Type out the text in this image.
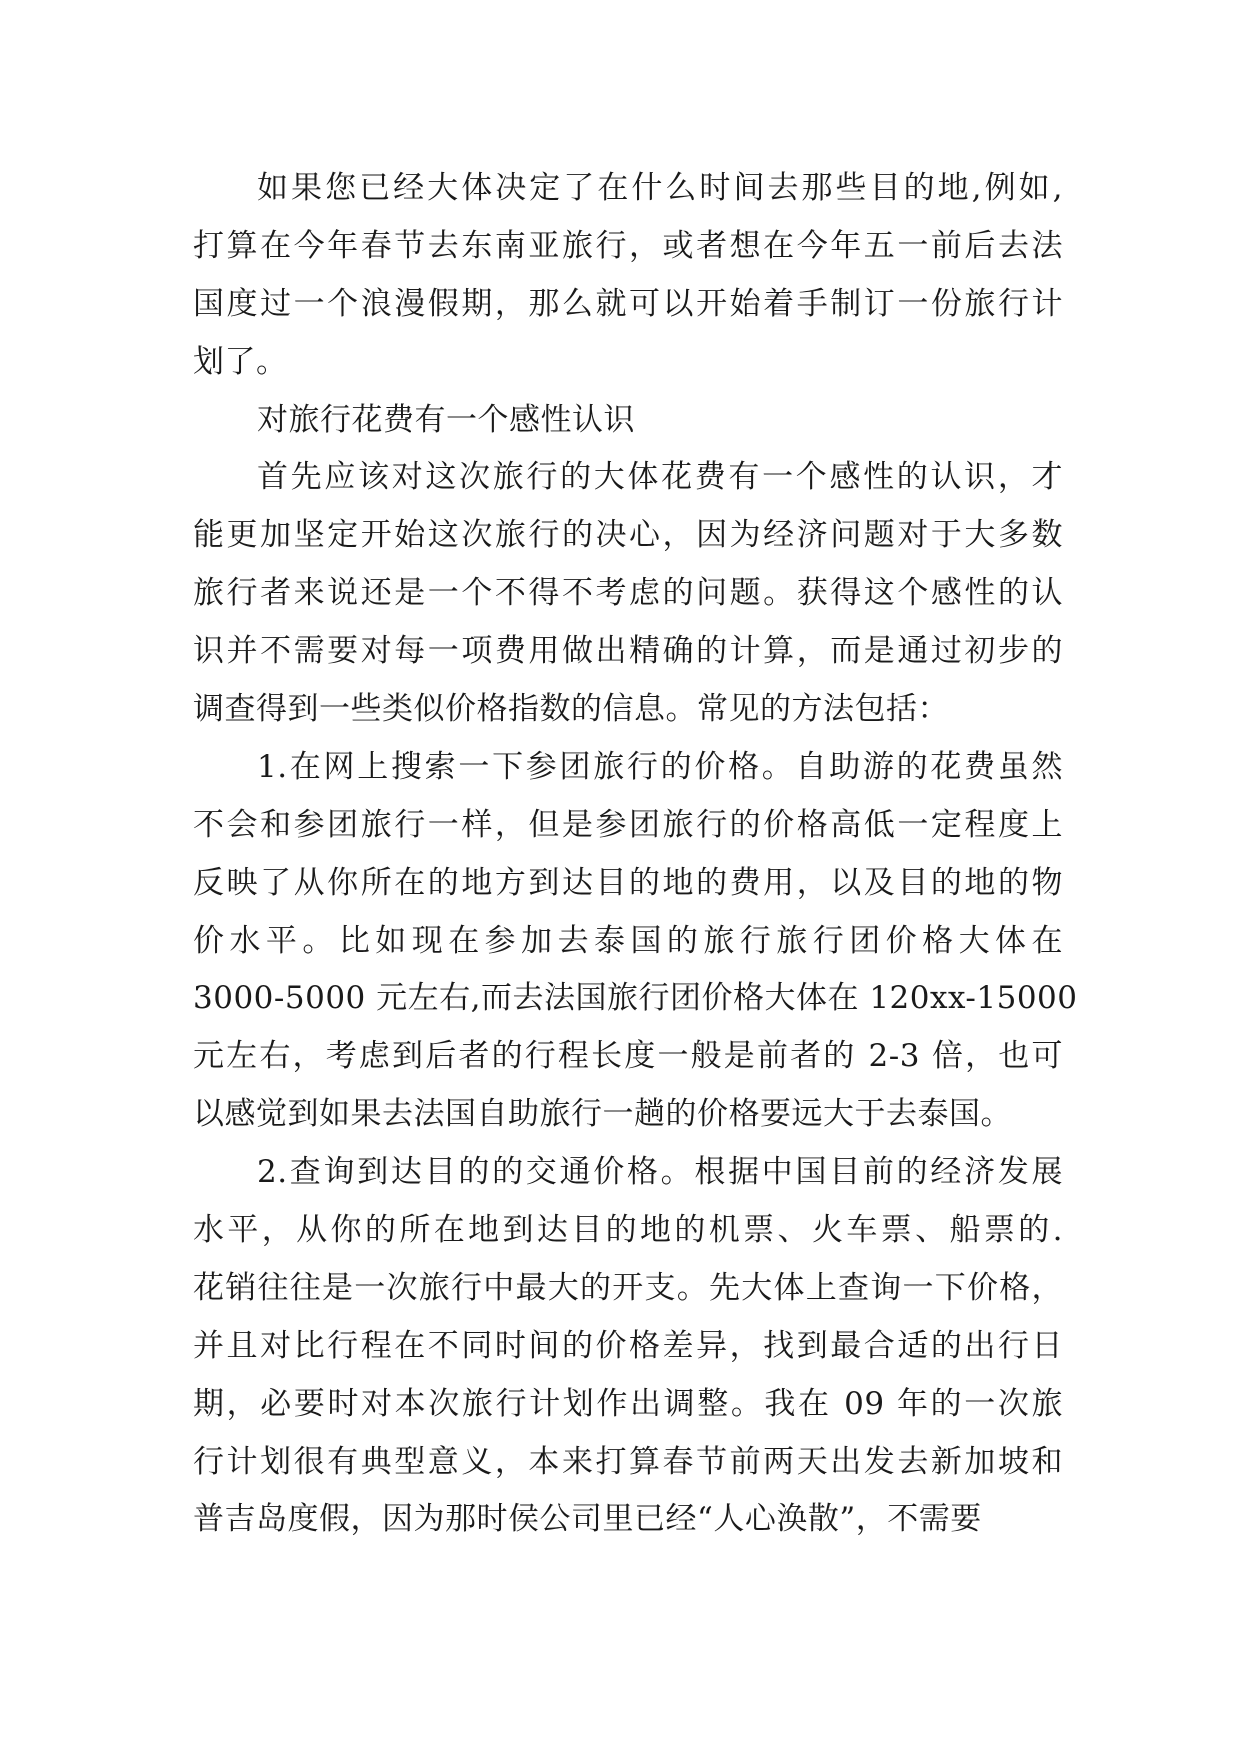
如果您已经大体决定了在什么时间去那些目的地,例如,
打算在今年春节去东南亚旅行，或者想在今年五一前后去法
国度过一个浪漫假期，那么就可以开始着手制订一份旅行计
划了。
对旅行花费有一个感性认识
首先应该对这次旅行的大体花费有一个感性的认识，才
能更加坚定开始这次旅行的决心，因为经济问题对于大多数
旅行者来说还是一个不得不考虑的问题。获得这个感性的认
识并不需要对每一项费用做出精确的计算，而是通过初步的
调查得到一些类似价格指数的信息。常见的方法包括：
1.在网上搜索一下参团旅行的价格。自助游的花费虽然
不会和参团旅行一样，但是参团旅行的价格高低一定程度上
反映了从你所在的地方到达目的地的费用，以及目的地的物
价水平。比如现在参加去泰国的旅行旅行团价格大体在
3000-5000 元左右,而去法国旅行团价格大体在 120xx-15000
元左右，考虑到后者的行程长度一般是前者的 2-3 倍，也可
以感觉到如果去法国自助旅行一趟的价格要远大于去泰国。
2.查询到达目的的交通价格。根据中国目前的经济发展
水平，从你的所在地到达目的地的机票、火车票、船票的.
花销往往是一次旅行中最大的开支。先大体上查询一下价格，
并且对比行程在不同时间的价格差异，找到最合适的出行日
期，必要时对本次旅行计划作出调整。我在 09 年的一次旅
行计划很有典型意义，本来打算春节前两天出发去新加坡和
普吉岛度假，因为那时侯公司里已经“人心涣散”，不需要
